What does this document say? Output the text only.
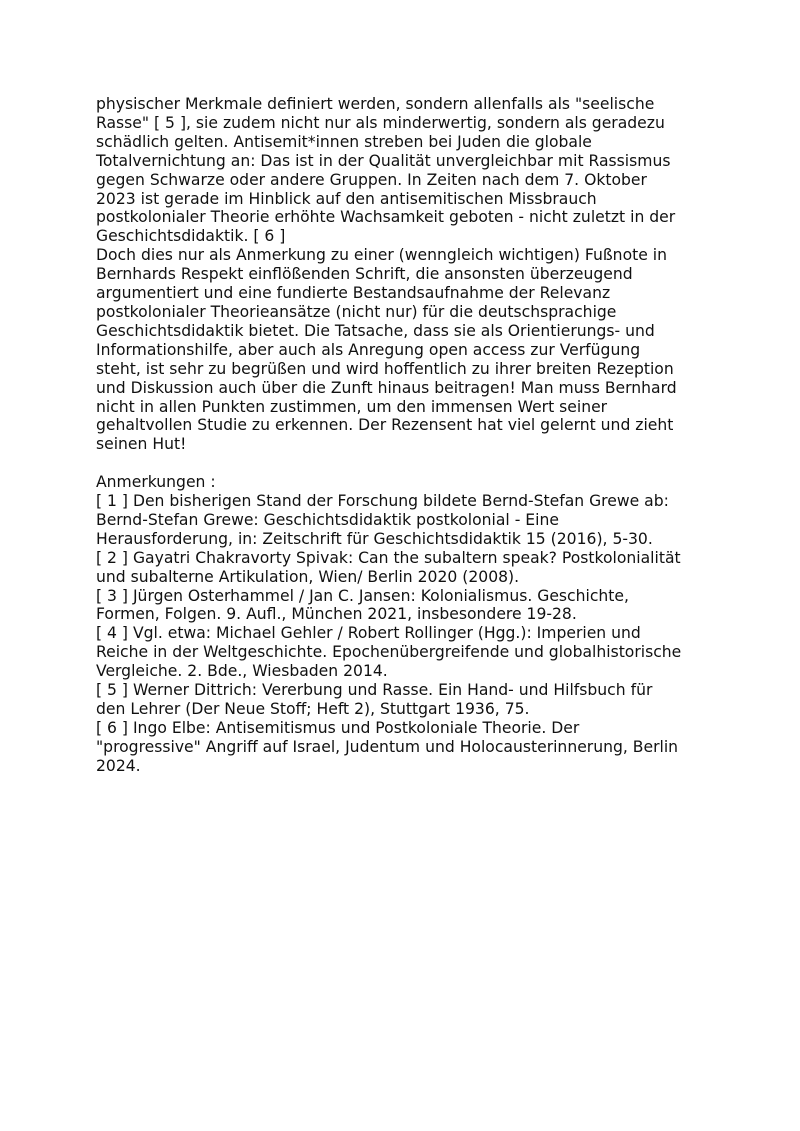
physischer Merkmale definiert werden, sondern allenfalls als "seelische

Rasse" [ 5 ], sie zudem nicht nur als minderwertig, sondern als geradezu

schädlich gelten. Antisemit*innen streben bei Juden die globale

Totalvernichtung an: Das ist in der Qualität unvergleichbar mit Rassismus

gegen Schwarze oder andere Gruppen. In Zeiten nach dem 7. Oktober

2023 ist gerade im Hinblick auf den antisemitischen Missbrauch

postkolonialer Theorie erhöhte Wachsamkeit geboten - nicht zuletzt in der

Geschichtsdidaktik. [ 6 ]

Doch dies nur als Anmerkung zu einer (wenngleich wichtigen) Fußnote in

Bernhards Respekt einflößenden Schrift, die ansonsten überzeugend

argumentiert und eine fundierte Bestandsaufnahme der Relevanz

postkolonialer Theorieansätze (nicht nur) für die deutschsprachige

Geschichtsdidaktik bietet. Die Tatsache, dass sie als Orientierungs- und

Informationshilfe, aber auch als Anregung open access zur Verfügung

steht, ist sehr zu begrüßen und wird hoffentlich zu ihrer breiten Rezeption

und Diskussion auch über die Zunft hinaus beitragen! Man muss Bernhard

nicht in allen Punkten zustimmen, um den immensen Wert seiner

gehaltvollen Studie zu erkennen. Der Rezensent hat viel gelernt und zieht

seinen Hut!

Anmerkungen :

[ 1 ] Den bisherigen Stand der Forschung bildete Bernd-Stefan Grewe ab:

Bernd-Stefan Grewe: Geschichtsdidaktik postkolonial - Eine

Herausforderung, in: Zeitschrift für Geschichtsdidaktik 15 (2016), 5-30.

[ 2 ] Gayatri Chakravorty Spivak: Can the subaltern speak? Postkolonialität

und subalterne Artikulation, Wien/ Berlin 2020 (2008).

[ 3 ] Jürgen Osterhammel / Jan C. Jansen: Kolonialismus. Geschichte,

Formen, Folgen. 9. Aufl., München 2021, insbesondere 19-28.

[ 4 ] Vgl. etwa: Michael Gehler / Robert Rollinger (Hgg.): Imperien und

Reiche in der Weltgeschichte. Epochenübergreifende und globalhistorische

Vergleiche. 2. Bde., Wiesbaden 2014.

[ 5 ] Werner Dittrich: Vererbung und Rasse. Ein Hand- und Hilfsbuch für

den Lehrer (Der Neue Stoff; Heft 2), Stuttgart 1936, 75.

[ 6 ] Ingo Elbe: Antisemitismus und Postkoloniale Theorie. Der

"progressive" Angriff auf Israel, Judentum und Holocausterinnerung, Berlin

2024.
